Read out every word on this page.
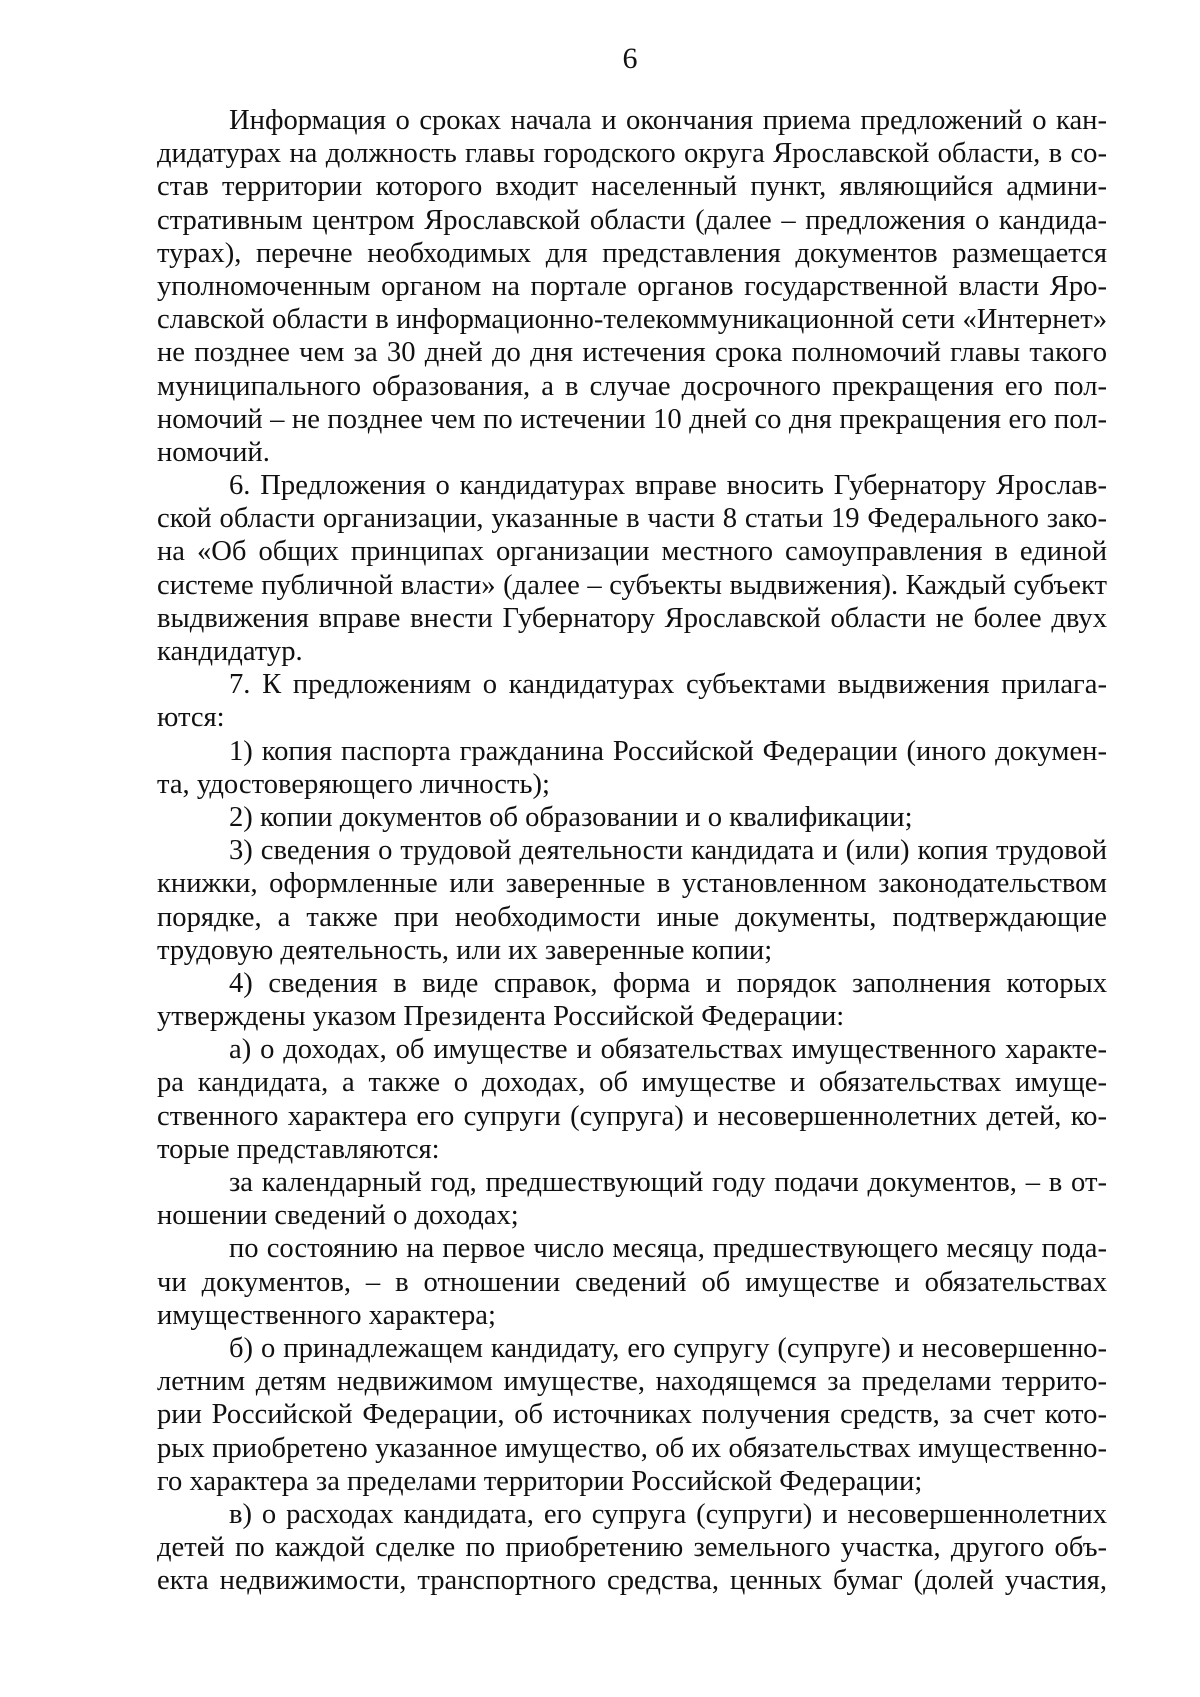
6
Информация о сроках начала и окончания приема предложений о кан-
дидатурах на должность главы городского округа Ярославской области, в со-
став территории которого входит населенный пункт, являющийся админи-
стративным центром Ярославской области (далее – предложения о кандида-
турах), перечне необходимых для представления документов размещается
уполномоченным органом на портале органов государственной власти Яро-
славской области в информационно-телекоммуникационной сети «Интернет»
не позднее чем за 30 дней до дня истечения срока полномочий главы такого
муниципального образования, а в случае досрочного прекращения его пол-
номочий – не позднее чем по истечении 10 дней со дня прекращения его пол-
номочий.
6. Предложения о кандидатурах вправе вносить Губернатору Ярослав-
ской области организации, указанные в части 8 статьи 19 Федерального зако-
на «Об общих принципах организации местного самоуправления в единой
системе публичной власти» (далее – субъекты выдвижения). Каждый субъект
выдвижения вправе внести Губернатору Ярославской области не более двух
кандидатур.
7. К предложениям о кандидатурах субъектами выдвижения прилага-
ются:
1) копия паспорта гражданина Российской Федерации (иного докумен-
та, удостоверяющего личность);
2) копии документов об образовании и о квалификации;
3) сведения о трудовой деятельности кандидата и (или) копия трудовой
книжки, оформленные или заверенные в установленном законодательством
порядке, а также при необходимости иные документы, подтверждающие
трудовую деятельность, или их заверенные копии;
4) сведения в виде справок, форма и порядок заполнения которых
утверждены указом Президента Российской Федерации:
а) о доходах, об имуществе и обязательствах имущественного характе-
ра кандидата, а также о доходах, об имуществе и обязательствах имуще-
ственного характера его супруги (супруга) и несовершеннолетних детей, ко-
торые представляются:
за календарный год, предшествующий году подачи документов, – в от-
ношении сведений о доходах;
по состоянию на первое число месяца, предшествующего месяцу пода-
чи документов, – в отношении сведений об имуществе и обязательствах
имущественного характера;
б) о принадлежащем кандидату, его супругу (супруге) и несовершенно-
летним детям недвижимом имуществе, находящемся за пределами террито-
рии Российской Федерации, об источниках получения средств, за счет кото-
рых приобретено указанное имущество, об их обязательствах имущественно-
го характера за пределами территории Российской Федерации;
в) о расходах кандидата, его супруга (супруги) и несовершеннолетних
детей по каждой сделке по приобретению земельного участка, другого объ-
екта недвижимости, транспортного средства, ценных бумаг (долей участия,
